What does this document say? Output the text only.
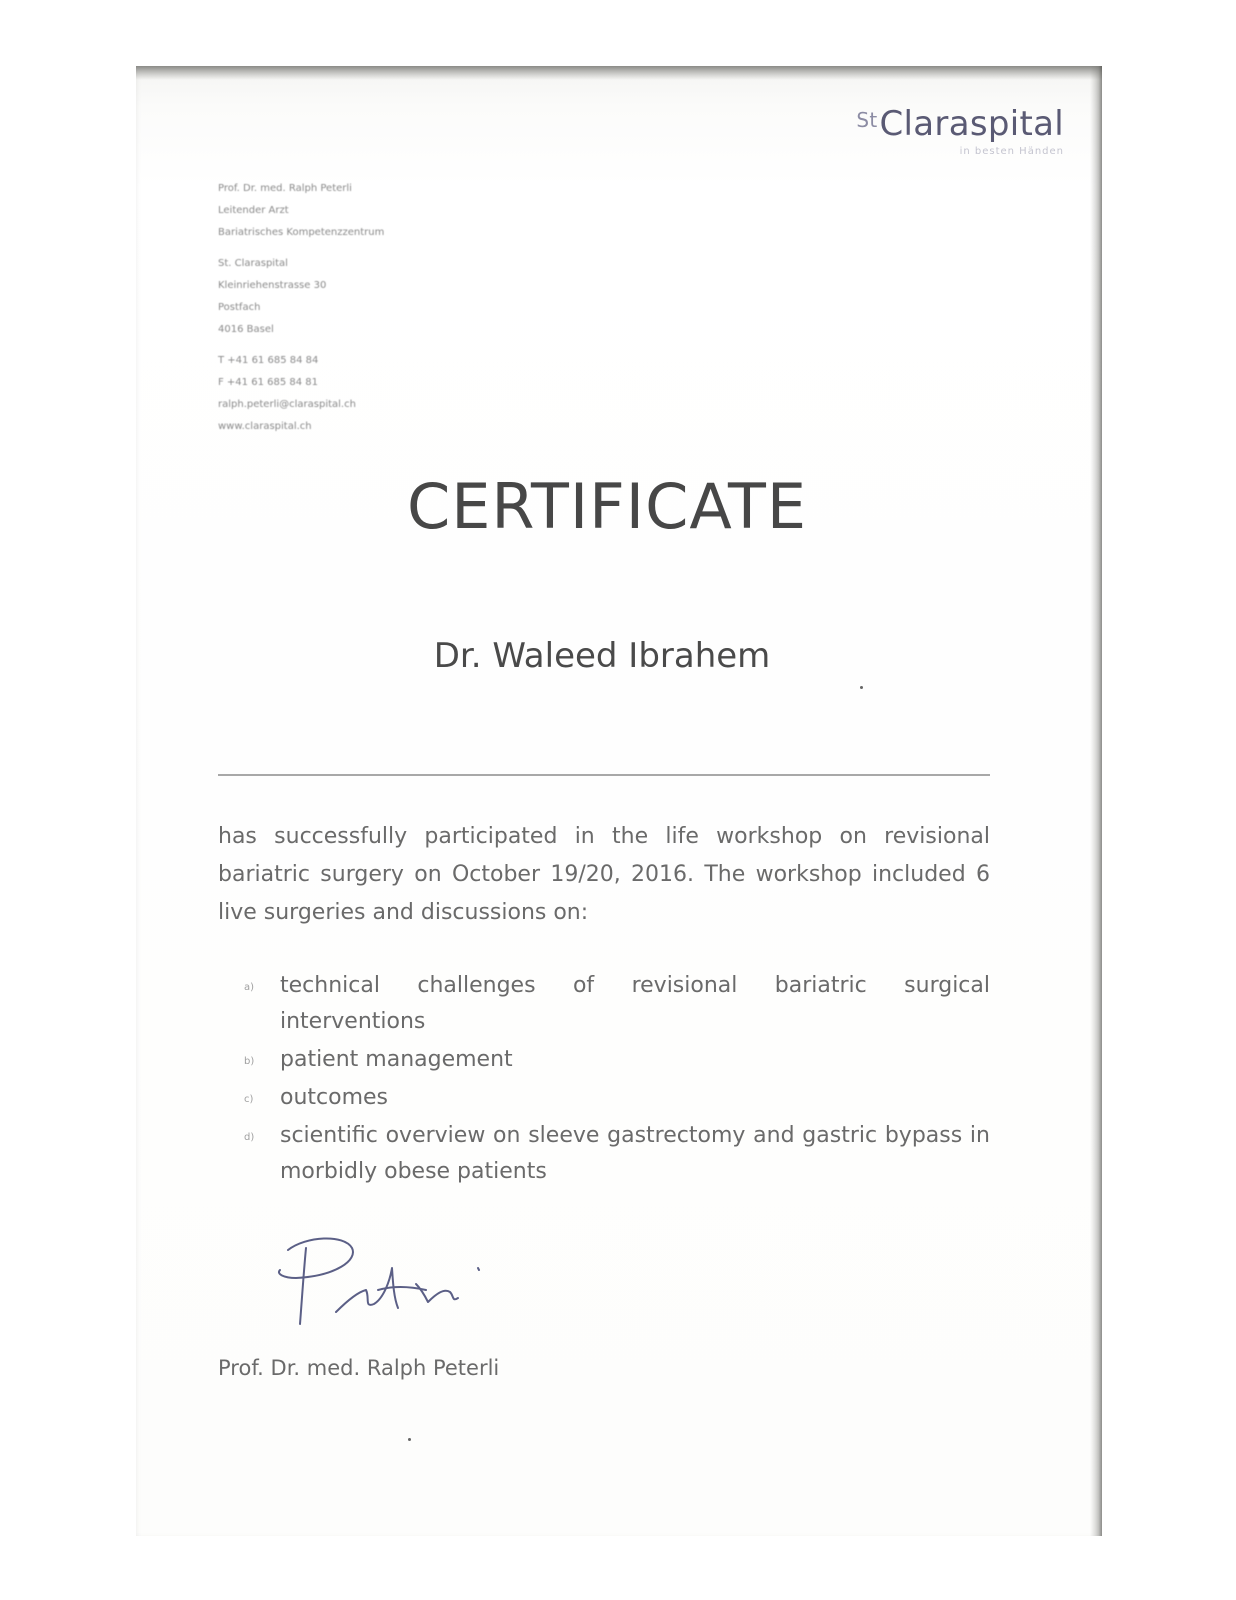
$^{St}$Claraspital
in besten Händen
Prof. Dr. med. Ralph Peterli
Leitender Arzt
Bariatrisches Kompetenzzentrum
St. Claraspital
Kleinriehenstrasse 30
Postfach
4016 Basel
T +41 61 685 84 84
F +41 61 685 84 81
ralph.peterli@claraspital.ch
www.claraspital.ch
CERTIFICATE
Dr. Waleed Ibrahem
has successfully participated in the life workshop on revisional bariatric surgery on October 19/20, 2016. The workshop included 6 live surgeries and discussions on:
a) technical challenges of revisional bariatric surgical
interventions
b) patient management
c) outcomes
d) scientific overview on sleeve gastrectomy and gastric bypass in morbidly obese patients
Prof. Dr. med. Ralph Peterli
